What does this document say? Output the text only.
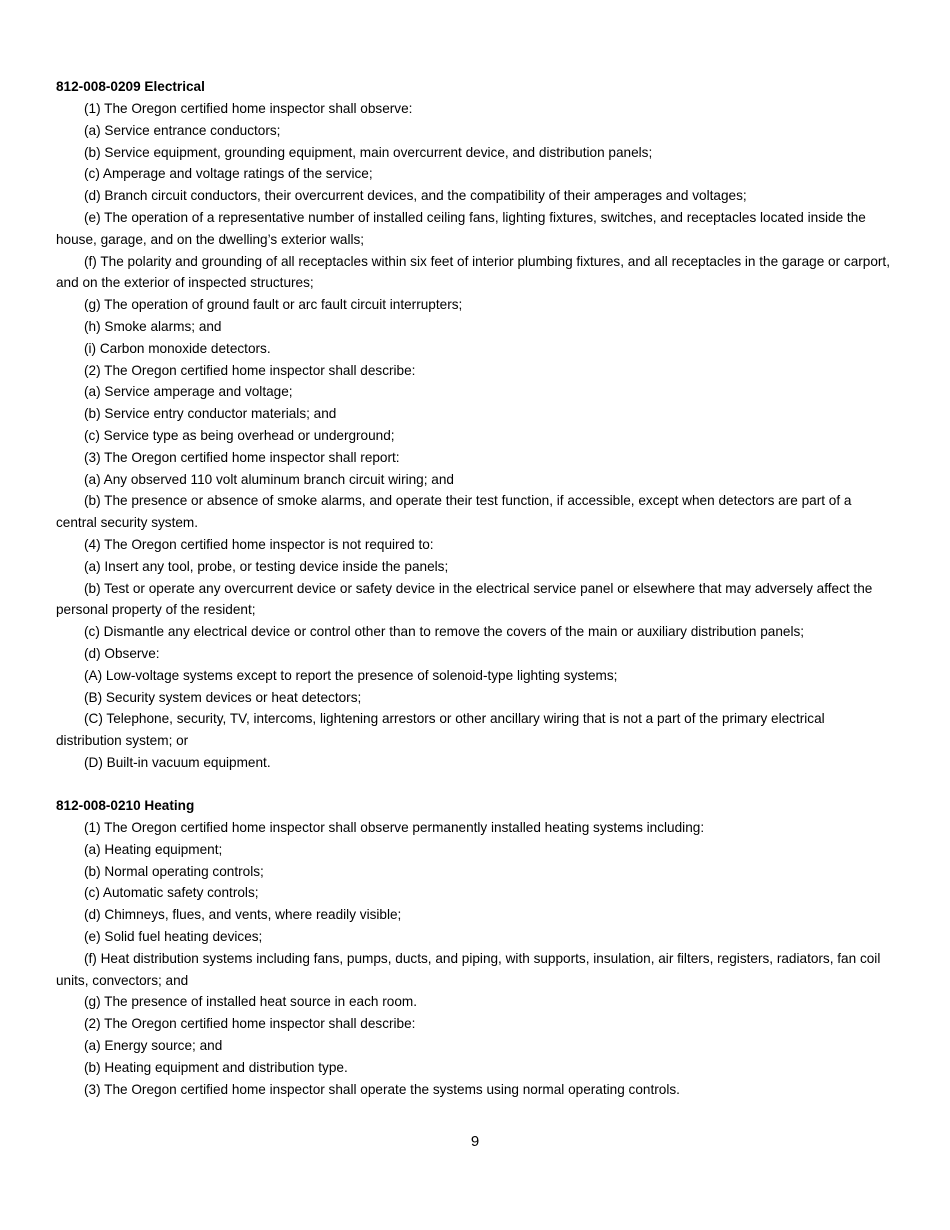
812-008-0209 Electrical

(1) The Oregon certified home inspector shall observe:

(a) Service entrance conductors;

(b) Service equipment, grounding equipment, main overcurrent device, and distribution panels;

(c) Amperage and voltage ratings of the service;

(d) Branch circuit conductors, their overcurrent devices, and the compatibility of their amperages and voltages;

(e) The operation of a representative number of installed ceiling fans, lighting fixtures, switches, and receptacles located inside the house, garage, and on the dwelling’s exterior walls;

(f) The polarity and grounding of all receptacles within six feet of interior plumbing fixtures, and all receptacles in the garage or carport, and on the exterior of inspected structures;

(g) The operation of ground fault or arc fault circuit interrupters;

(h) Smoke alarms; and

(i) Carbon monoxide detectors.

(2) The Oregon certified home inspector shall describe:

(a) Service amperage and voltage;

(b) Service entry conductor materials; and

(c) Service type as being overhead or underground;

(3) The Oregon certified home inspector shall report:

(a) Any observed 110 volt aluminum branch circuit wiring; and

(b) The presence or absence of smoke alarms, and operate their test function, if accessible, except when detectors are part of a central security system.

(4) The Oregon certified home inspector is not required to:

(a) Insert any tool, probe, or testing device inside the panels;

(b) Test or operate any overcurrent device or safety device in the electrical service panel or elsewhere that may adversely affect the personal property of the resident;

(c) Dismantle any electrical device or control other than to remove the covers of the main or auxiliary distribution panels;

(d) Observe:

(A) Low-voltage systems except to report the presence of solenoid-type lighting systems;

(B) Security system devices or heat detectors;

(C) Telephone, security, TV, intercoms, lightening arrestors or other ancillary wiring that is not a part of the primary electrical distribution system; or

(D) Built-in vacuum equipment.

812-008-0210 Heating

(1) The Oregon certified home inspector shall observe permanently installed heating systems including:

(a) Heating equipment;

(b) Normal operating controls;

(c) Automatic safety controls;

(d) Chimneys, flues, and vents, where readily visible;

(e) Solid fuel heating devices;

(f) Heat distribution systems including fans, pumps, ducts, and piping, with supports, insulation, air filters, registers, radiators, fan coil units, convectors; and

(g) The presence of installed heat source in each room.

(2) The Oregon certified home inspector shall describe:

(a) Energy source; and

(b) Heating equipment and distribution type.

(3) The Oregon certified home inspector shall operate the systems using normal operating controls.

9
